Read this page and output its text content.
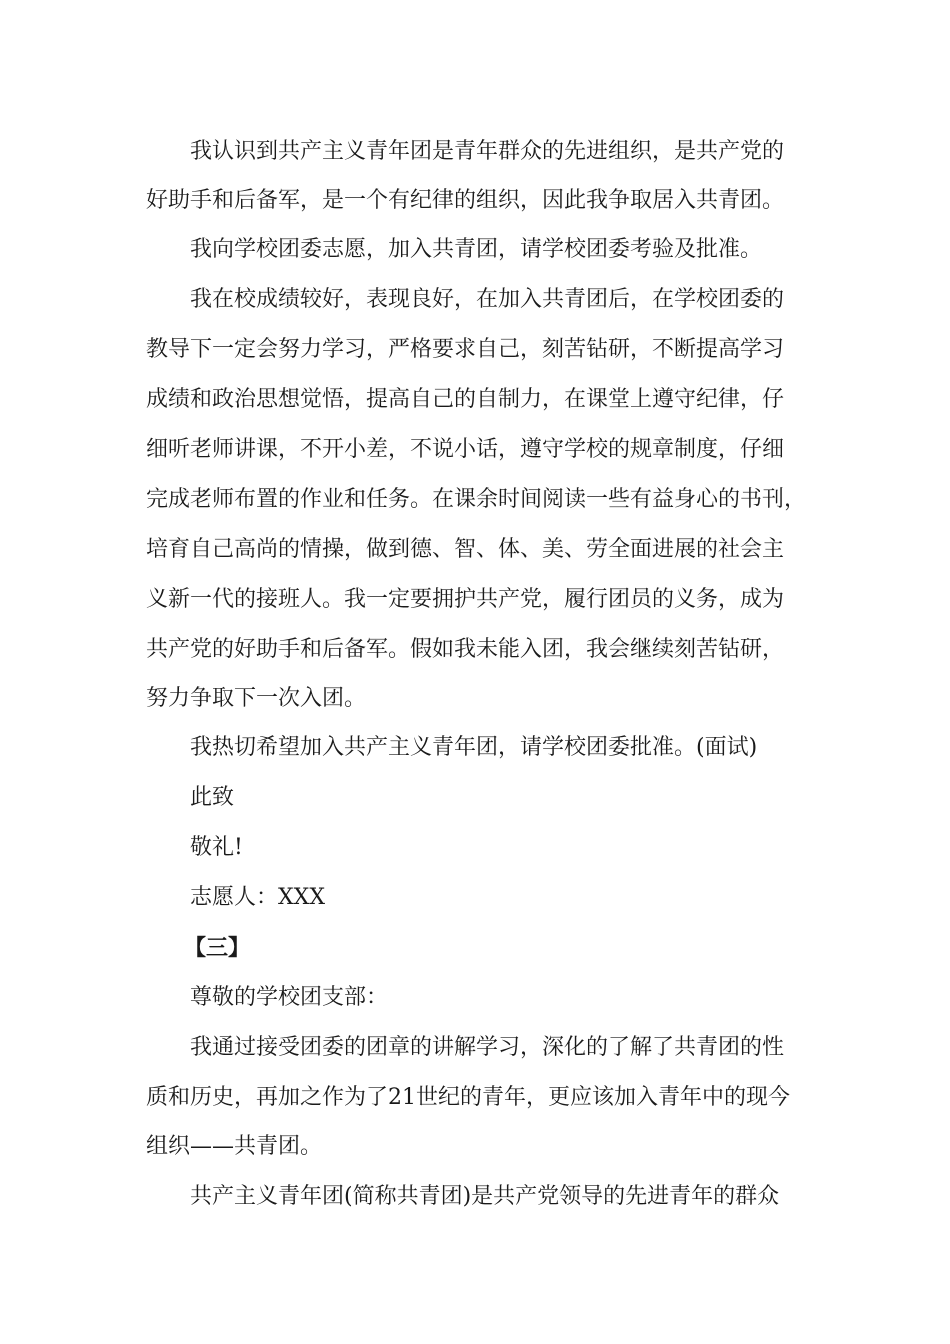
我认识到共产主义青年团是青年群众的先进组织，是共产党的
好助手和后备军，是一个有纪律的组织，因此我争取居入共青团。
我向学校团委志愿，加入共青团，请学校团委考验及批准。
我在校成绩较好，表现良好，在加入共青团后，在学校团委的
教导下一定会努力学习，严格要求自己，刻苦钻研，不断提高学习
成绩和政治思想觉悟，提高自己的自制力，在课堂上遵守纪律，仔
细听老师讲课，不开小差，不说小话，遵守学校的规章制度，仔细
完成老师布置的作业和任务。在课余时间阅读一些有益身心的书刊，
培育自己高尚的情操，做到德、智、体、美、劳全面进展的社会主
义新一代的接班人。我一定要拥护共产党，履行团员的义务，成为
共产党的好助手和后备军。假如我未能入团，我会继续刻苦钻研，
努力争取下一次入团。
我热切希望加入共产主义青年团，请学校团委批准。(面试)
此致
敬礼!
志愿人：XXX
【三】
尊敬的学校团支部：
我通过接受团委的团章的讲解学习，深化的了解了共青团的性
质和历史，再加之作为了21世纪的青年，更应该加入青年中的现今
组织——共青团。
共产主义青年团(简称共青团)是共产党领导的先进青年的群众
